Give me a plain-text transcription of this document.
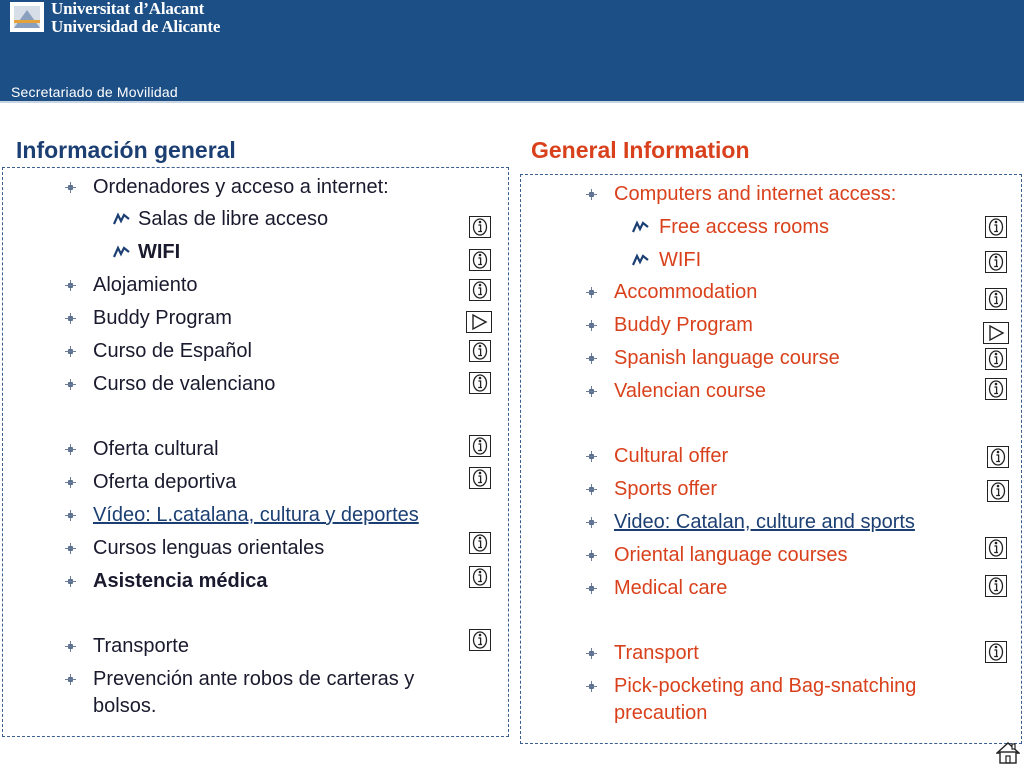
Universitat d’Alacant
Universidad de Alicante
Secretariado de Movilidad
Información general	General Information
Ordenadores y acceso a internet:
Salas de libre acceso
WIFI
Alojamiento
Buddy Program
Curso de Español
Curso de valenciano
Oferta cultural
Oferta deportiva
Vídeo: L.catalana, cultura y deportes
Cursos lenguas orientales
Asistencia médica
Transporte
Prevención ante robos de carteras y bolsos.
Computers and internet access:
Free access rooms
WIFI
Accommodation
Buddy Program
Spanish language course
Valencian course
Cultural offer
Sports offer
Video: Catalan, culture and sports
Oriental language courses
Medical care
Transport
Pick-pocketing and Bag-snatching precaution
